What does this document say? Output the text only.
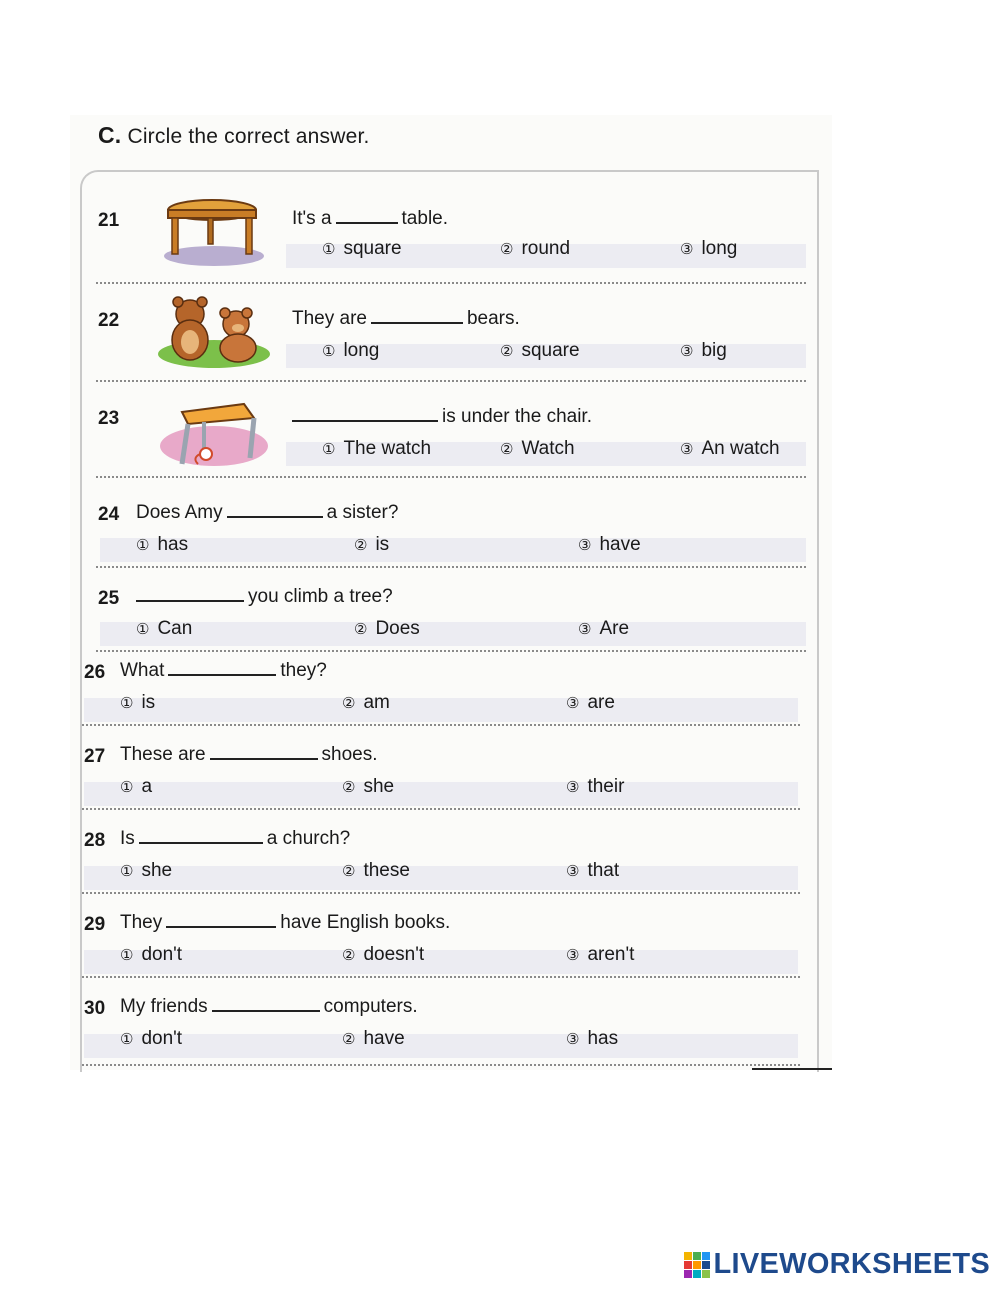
C. Circle the correct answer.
21	It's a	table.
① square	② round	③ long
22	They are	bears.
① long	② square	③ big
23	is under the chair.
① The watch	② Watch	③ An watch
24 Does Amy	a sister?
① has	② is	③ have
25	you climb a tree?
① Can	② Does	③ Are
26 What	they?
① is	② am	③ are
27 These are	shoes.
① a	② she	③ their
28 Is	a church?
① she	② these	③ that
29 They	have English books.
① don't	② doesn't	③ aren't
30 My friends	computers.
① don't	② have	③ has
LIVEWORKSHEETS
